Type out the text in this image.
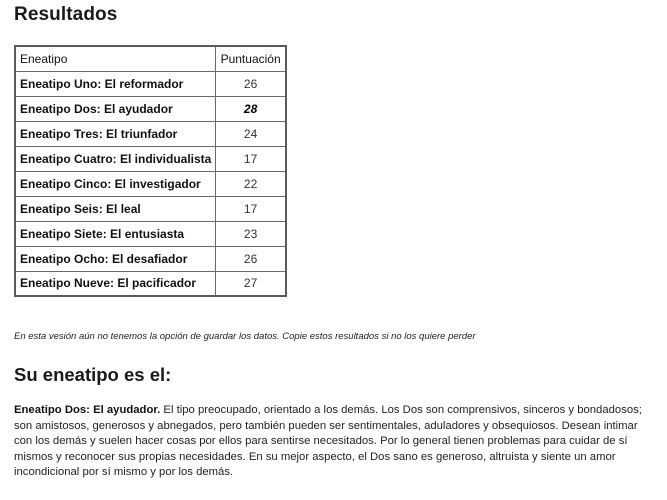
Resultados
Eneatipo	Puntuación
Eneatipo Uno: El reformador	26
Eneatipo Dos: El ayudador	28
Eneatipo Tres: El triunfador	24
Eneatipo Cuatro: El individualista	17
Eneatipo Cinco: El investigador	22
Eneatipo Seis: El leal	17
Eneatipo Siete: El entusiasta	23
Eneatipo Ocho: El desafiador	26
Eneatipo Nueve: El pacificador	27

En esta vesión aún no tenemos la opción de guardar los datos. Copie estos resultados si no los quiere perder

Su eneatipo es el:

Eneatipo Dos: El ayudador. El tipo preocupado, orientado a los demás. Los Dos son comprensivos, sinceros y bondadosos; son amistosos, generosos y abnegados, pero también pueden ser sentimentales, aduladores y obsequiosos. Desean intimar con los demás y suelen hacer cosas por ellos para sentirse necesitados. Por lo general tienen problemas para cuidar de sí mismos y reconocer sus propias necesidades. En su mejor aspecto, el Dos sano es generoso, altruista y siente un amor incondicional por sí mismo y por los demás.
